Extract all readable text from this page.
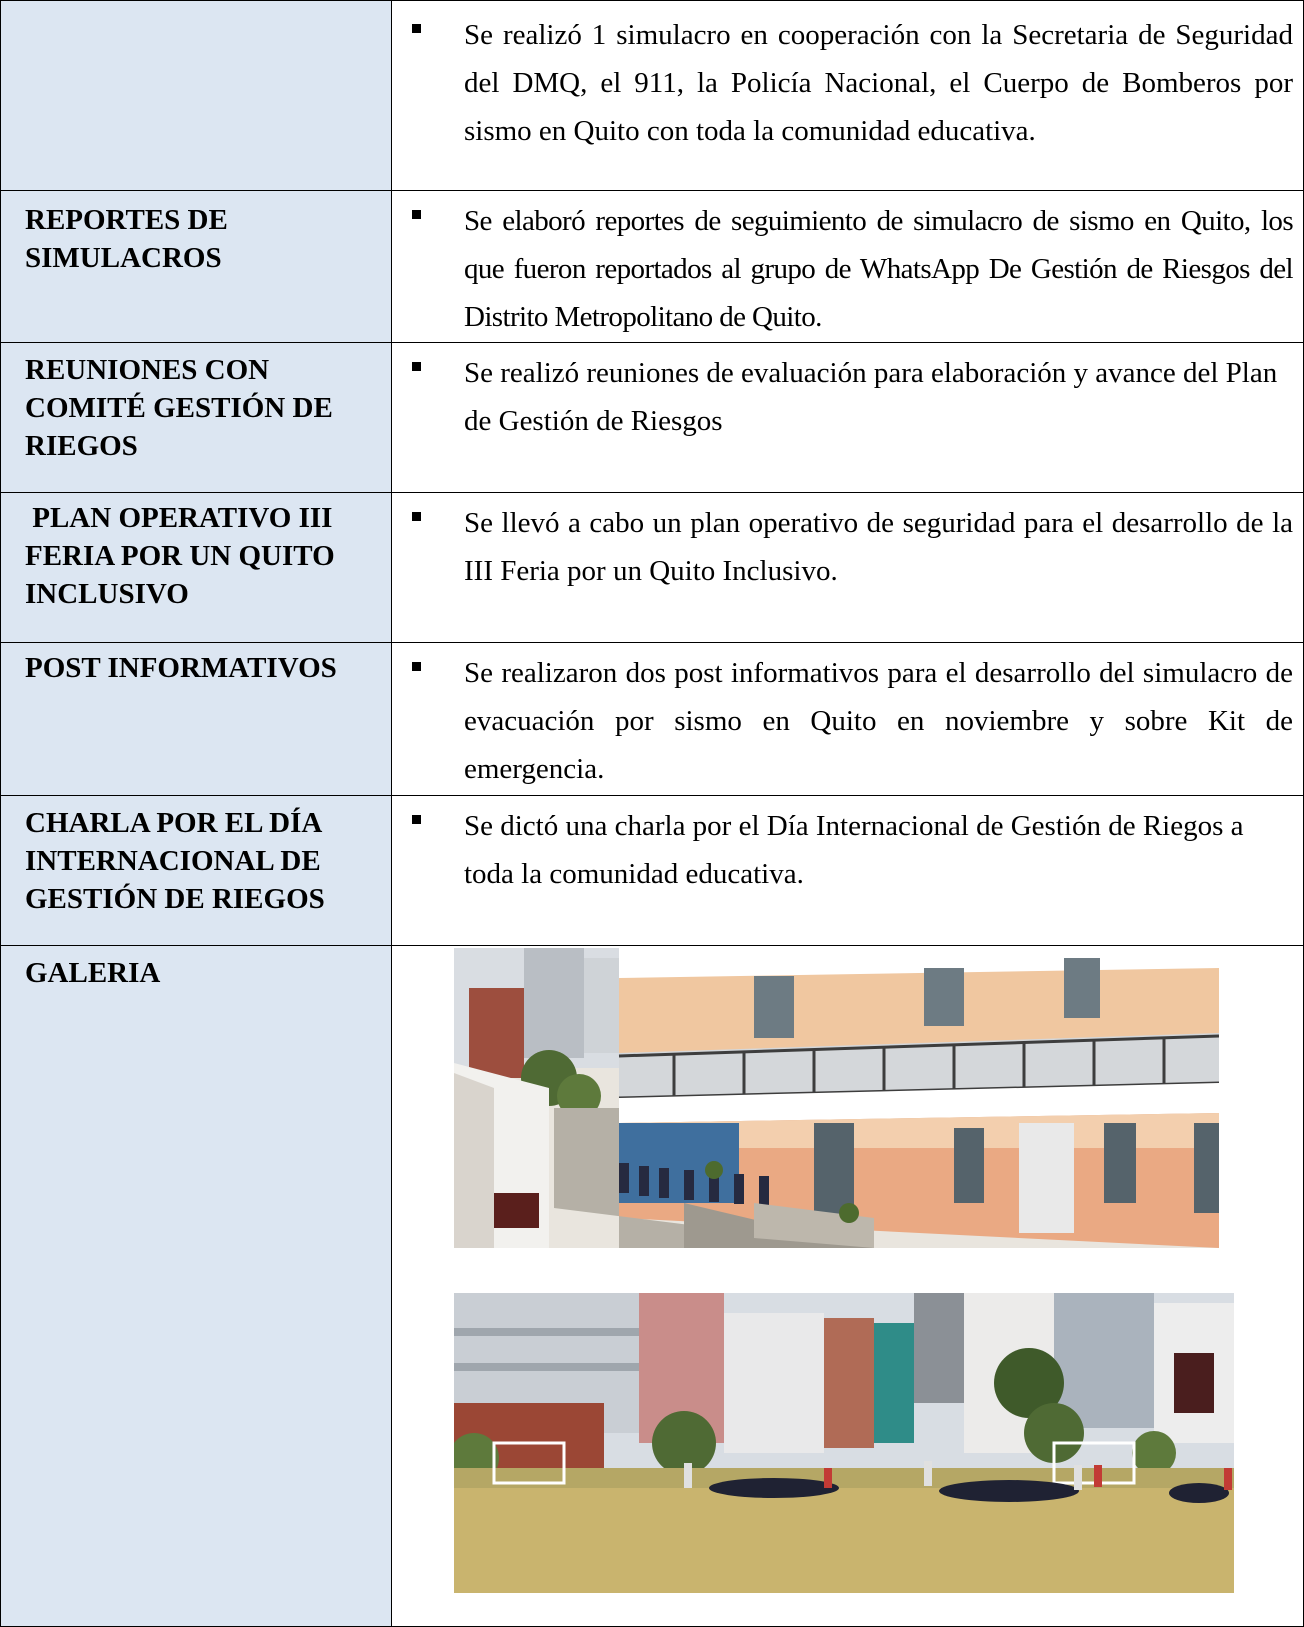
	Se realizó 1 simulacro en cooperación con la Secretaria de Seguridad del DMQ, el 911, la Policía Nacional, el Cuerpo de Bomberos por sismo en Quito con toda la comunidad educativa.

REPORTES DE SIMULACROS	Se elaboró reportes de seguimiento de simulacro de sismo en Quito, los que fueron reportados al grupo de WhatsApp De Gestión de Riesgos del Distrito Metropolitano de Quito.

REUNIONES CON COMITÉ GESTIÓN DE RIEGOS	Se realizó reuniones de evaluación para elaboración y avance del Plan de Gestión de Riesgos

PLAN OPERATIVO III FERIA POR UN QUITO INCLUSIVO	Se llevó a cabo un plan operativo de seguridad para el desarrollo de la III Feria por un Quito Inclusivo.

POST INFORMATIVOS	Se realizaron dos post informativos para el desarrollo del simulacro de evacuación por sismo en Quito en noviembre y sobre Kit de emergencia.

CHARLA POR EL DÍA INTERNACIONAL DE GESTIÓN DE RIEGOS	Se dictó una charla por el Día Internacional de Gestión de Riegos a toda la comunidad educativa.

GALERIA
